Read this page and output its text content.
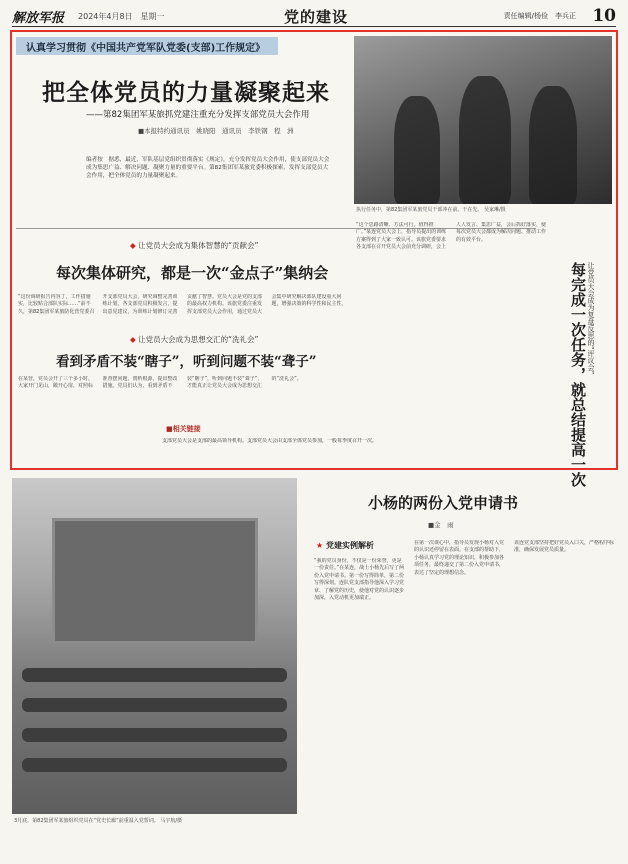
解放军报 2024年4月8日　星期一	党的建设	责任编辑/杨俭　李兵正 10
认真学习贯彻《中国共产党军队党委(支部)工作规定》
把全体党员的力量凝聚起来
——第82集团军某旅抓党建注重充分发挥支部党员大会作用
■本报特约通讯员　姚晓阳　通讯员　李铁钢　程　洲
编者按　据悉，最近，军队基层党组织贯彻落实《规定》，充分发挥党员大会作用，使支部党员大会成为集思广益、解决问题、凝聚力量的重要平台。第82集团军某旅党委积极探索，发挥支部党员大会作用，把全体党员的力量凝聚起来。
执行任务中，第82集团军某旅党员干部冲在前、干在先。 吴家琳/摄
◆ 让党员大会成为集体智慧的“贡献会”
每次集体研究，都是一次“金点子”集纳会
“这份调研报告内容丁，工作措施实，比较贴合部队实际……”前不久，第82集团军某旅防化营党委召开支部党员大会，研究调整完善训练计划，各支部党员积极发言，提出意见建议，为训练计划修订完善贡献了智慧。党员大会是党的支部的最高权力机构。该旅党委注重发挥支部党员大会作用，通过党员大会集中研究解决部队建设重大问题，增强决策的科学性和民主性。
“这个思路清晰、方法可行，值得推广。”某连党员大会上，指导员提出的训练方案得到了大家一致认可。该旅党委要求各支部在召开党员大会前充分调研，会上人人发言、集思广益，会后抓好落实，使每次党员大会都成为解决问题、推动工作的有效平台。
每完成一次任务，就总结提高一次 让党员大会成为复盘反思的“评议会”
◆ 让党员大会成为思想交汇的“洗礼会”
看到矛盾不装“瞎子”，听到问题不装“聋子”
在某营，党员会开了三个多小时。大家开门见山，敞开心扉，对照标准查摆问题，剖析根源，提出整改措施。党员们认为，看到矛盾不装“瞎子”，听到问题不装“聋子”，才能真正让党员大会成为思想交汇的“洗礼会”。
■相关链接
支部党员大会是支部的最高领导机构。支部党员大会由支部全体党员参加，一般每季度召开一次。
3月底，第82集团军某旅组织党员在“党史长廊”前重温入党誓词。 马宇航/摄
小杨的两份入党申请书
■金　雨
★ 党建实例解析
“我的党员身份，不仅是一份荣誉，更是一份责任。”在某连，战士小杨先后写了两份入党申请书。第一份写得简单，第二份写得深刻。连队党支部指导他深入学习党章、了解党的历史，使他对党的认识逐步加深，入党动机更加端正。
在第一次谈心中，指导员发现小杨对入党的认识还停留在表面。在支部的帮助下，小杨认真学习党的理论知识，积极参加各项任务，最终递交了第二份入党申请书，表达了坚定的理想信念。
该连党支部坚持把好党员入口关，严格程序标准，确保发展党员质量。
